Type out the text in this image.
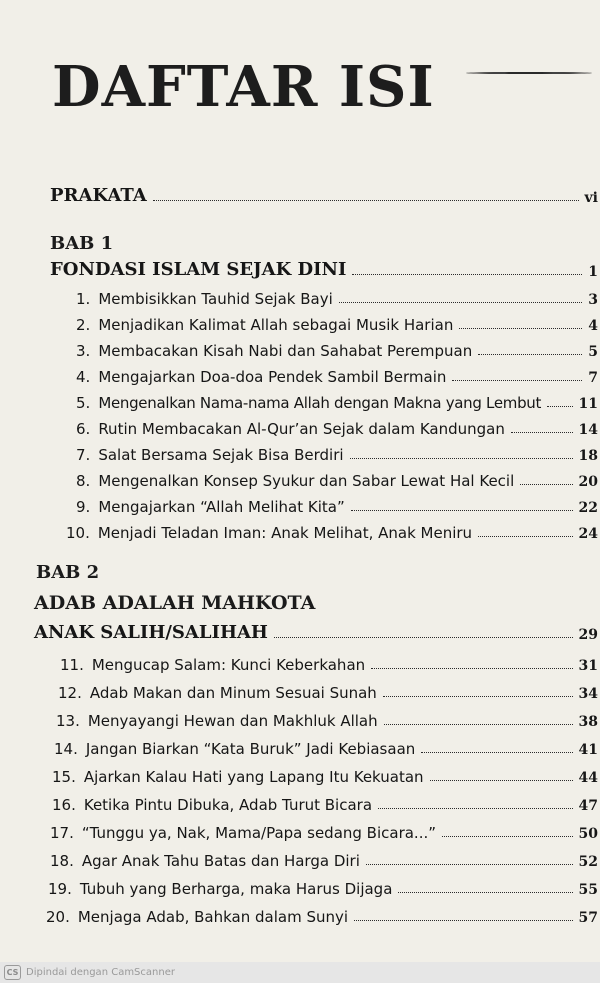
DAFTAR ISI
PRAKATA	vi

BAB 1

FONDASI ISLAM SEJAK DINI	1
1. Membisikkan Tauhid Sejak Bayi	3
2. Menjadikan Kalimat Allah sebagai Musik Harian	4
3. Membacakan Kisah Nabi dan Sahabat Perempuan	5
4. Mengajarkan Doa-doa Pendek Sambil Bermain	7
5. Mengenalkan Nama-nama Allah dengan Makna yang Lembut	11
6. Rutin Membacakan Al-Qur’an Sejak dalam Kandungan	14
7. Salat Bersama Sejak Bisa Berdiri	18
8. Mengenalkan Konsep Syukur dan Sabar Lewat Hal Kecil	20
9. Mengajarkan “Allah Melihat Kita”	22
10. Menjadi Teladan Iman: Anak Melihat, Anak Meniru	24

BAB 2

ADAB ADALAH MAHKOTA

ANAK SALIH/SALIHAH	29
11. Mengucap Salam: Kunci Keberkahan	31
12. Adab Makan dan Minum Sesuai Sunah	34
13. Menyayangi Hewan dan Makhluk Allah	38
14. Jangan Biarkan “Kata Buruk” Jadi Kebiasaan	41
15. Ajarkan Kalau Hati yang Lapang Itu Kekuatan	44
16. Ketika Pintu Dibuka, Adab Turut Bicara	47
17. “Tunggu ya, Nak, Mama/Papa sedang Bicara...”	50
18. Agar Anak Tahu Batas dan Harga Diri	52
19. Tubuh yang Berharga, maka Harus Dijaga	55
20. Menjaga Adab, Bahkan dalam Sunyi	57
CS Dipindai dengan CamScanner
